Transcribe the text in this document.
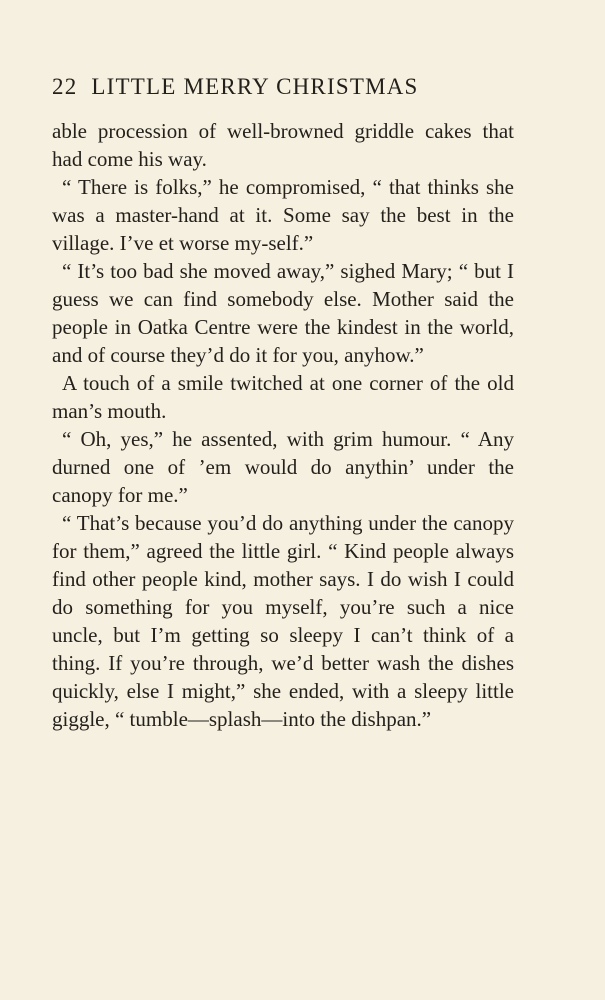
22 LITTLE MERRY CHRISTMAS

able procession of well-browned griddle cakes that had come his way.

“ There is folks,” he compromised, “ that thinks she was a master-hand at it. Some say the best in the village. I’ve et worse my-self.”

“ It’s too bad she moved away,” sighed Mary; “ but I guess we can find somebody else. Mother said the people in Oatka Centre were the kindest in the world, and of course they’d do it for you, anyhow.”

A touch of a smile twitched at one corner of the old man’s mouth.

“ Oh, yes,” he assented, with grim humour. “ Any durned one of ’em would do anythin’ under the canopy for me.”

“ That’s because you’d do anything under the canopy for them,” agreed the little girl. “ Kind people always find other people kind, mother says. I do wish I could do something for you myself, you’re such a nice uncle, but I’m getting so sleepy I can’t think of a thing. If you’re through, we’d better wash the dishes quickly, else I might,” she ended, with a sleepy little giggle, “ tumble—splash—into the dishpan.”
